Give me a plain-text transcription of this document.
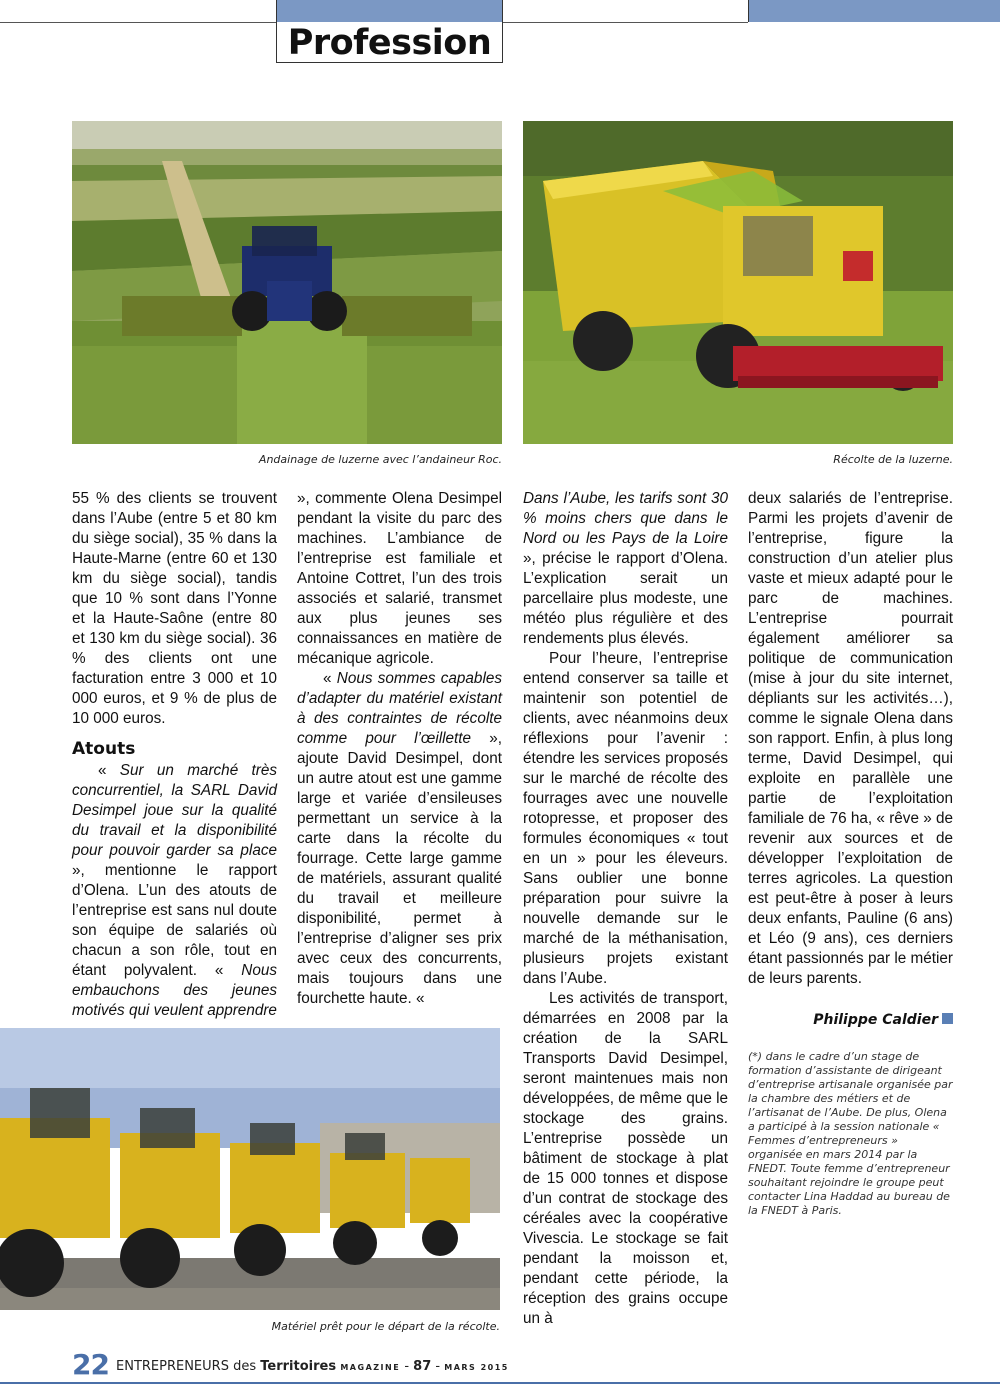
Profession
Andainage de luzerne avec l’andaineur Roc.	Récolte de la luzerne.
Matériel prêt pour le départ de la récolte.

55 % des clients se trouvent dans l’Aube (entre 5 et 80 km du siège social), 35 % dans la Haute-Marne (entre 60 et 130 km du siège social), tandis que 10 % sont dans l’Yonne et la Haute-Saône (entre 80 et 130 km du siège social). 36 % des clients ont une facturation entre 3 000 et 10 000 euros, et 9 % de plus de 10 000 euros.

Atouts

« Sur un marché très concurrentiel, la SARL David Desimpel joue sur la qualité du travail et la disponibilité pour pouvoir garder sa place », mentionne le rapport d’Olena. L’un des atouts de l’entreprise est sans nul doute son équipe de salariés où chacun a son rôle, tout en étant polyvalent. « Nous embauchons des jeunes motivés qui veulent apprendre

», commente Olena Desimpel pendant la visite du parc des machines. L’ambiance de l’entreprise est familiale et Antoine Cottret, l’un des trois associés et salarié, transmet aux plus jeunes ses connaissances en matière de mécanique agricole.

« Nous sommes capables d’adapter du matériel existant à des contraintes de récolte comme pour l’œillette », ajoute David Desimpel, dont un autre atout est une gamme large et variée d’ensileuses permettant un service à la carte dans la récolte du fourrage. Cette large gamme de matériels, assurant qualité du travail et meilleure disponibilité, permet à l’entreprise d’aligner ses prix avec ceux des concurrents, mais toujours dans une fourchette haute. «

Dans l’Aube, les tarifs sont 30 % moins chers que dans le Nord ou les Pays de la Loire », précise le rapport d’Olena. L’explication serait un parcellaire plus modeste, une météo plus régulière et des rendements plus élevés.

Pour l’heure, l’entreprise entend conserver sa taille et maintenir son potentiel de clients, avec néanmoins deux réflexions pour l’avenir : étendre les services proposés sur le marché de récolte des fourrages avec une nouvelle rotopresse, et proposer des formules économiques « tout en un » pour les éleveurs. Sans oublier une bonne préparation pour suivre la nouvelle demande sur le marché de la méthanisation, plusieurs projets existant dans l’Aube.

Les activités de transport, démarrées en 2008 par la création de la SARL Transports David Desimpel, seront maintenues mais non développées, de même que le stockage des grains. L’entreprise possède un bâtiment de stockage à plat de 15 000 tonnes et dispose d’un contrat de stockage des céréales avec la coopérative Vivescia. Le stockage se fait pendant la moisson et, pendant cette période, la réception des grains occupe un à

deux salariés de l’entreprise. Parmi les projets d’avenir de l’entreprise, figure la construction d’un atelier plus vaste et mieux adapté pour le parc de machines. L’entreprise pourrait également améliorer sa politique de communication (mise à jour du site internet, dépliants sur les activités…), comme le signale Olena dans son rapport. Enfin, à plus long terme, David Desimpel, qui exploite en parallèle une partie de l’exploitation familiale de 76 ha, « rêve » de revenir aux sources et de développer l’exploitation de terres agricoles. La question est peut-être à poser à leurs deux enfants, Pauline (6 ans) et Léo (9 ans), ces derniers étant passionnés par le métier de leurs parents.

Philippe Caldier
(*) dans le cadre d’un stage de formation d’assistante de dirigeant d’entreprise artisanale organisée par la chambre des métiers et de l’artisanat de l’Aube. De plus, Olena a participé à la session nationale « Femmes d’entrepreneurs » organisée en mars 2014 par la FNEDT. Toute femme d’entrepreneur souhaitant rejoindre le groupe peut contacter Lina Haddad au bureau de la FNEDT à Paris.
22 ENTREPRENEURS des Territoires MAGAZINE - 87 - MARS 2015
